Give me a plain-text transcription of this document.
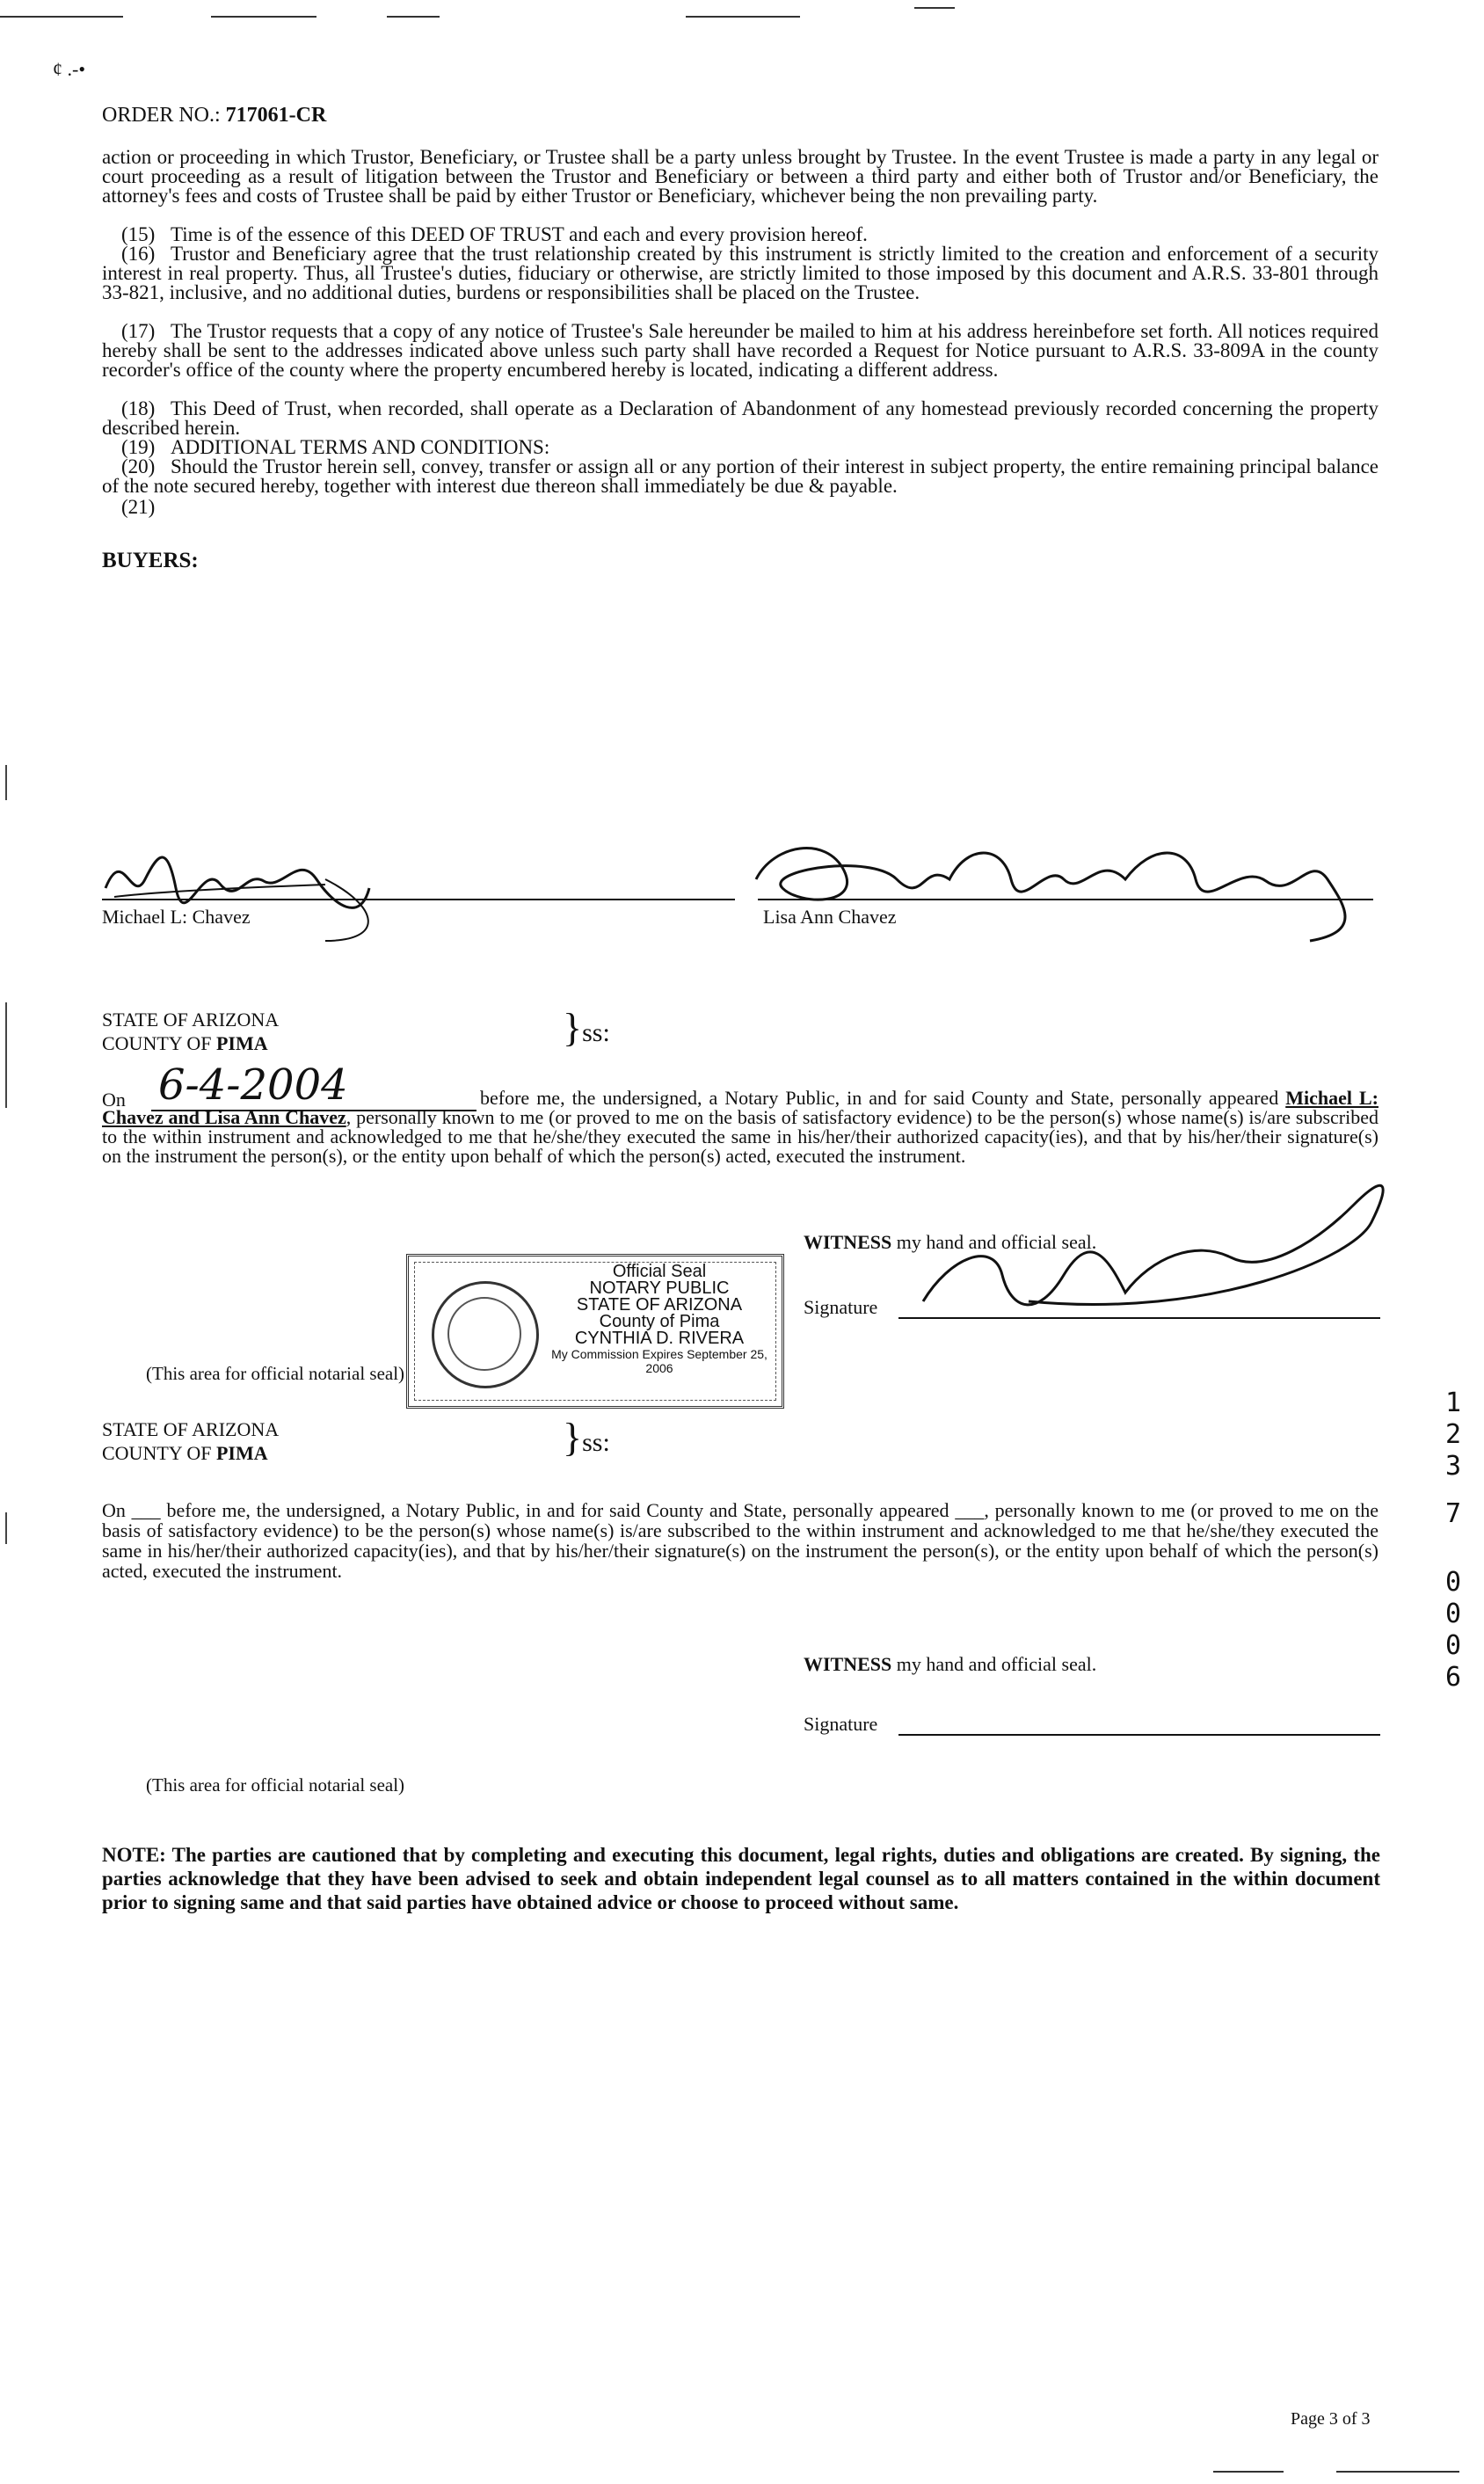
¢ .-•
ORDER NO.: 717061-CR
action or proceeding in which Trustor, Beneficiary, or Trustee shall be a party unless brought by Trustee. In the event Trustee is made a party in any legal or court proceeding as a result of litigation between the Trustor and Beneficiary or between a third party and either both of Trustor and/or Beneficiary, the attorney's fees and costs of Trustee shall be paid by either Trustor or Beneficiary, whichever being the non prevailing party.
(15) Time is of the essence of this DEED OF TRUST and each and every provision hereof.
(16) Trustor and Beneficiary agree that the trust relationship created by this instrument is strictly limited to the creation and enforcement of a security interest in real property. Thus, all Trustee's duties, fiduciary or otherwise, are strictly limited to those imposed by this document and A.R.S. 33-801 through 33-821, inclusive, and no additional duties, burdens or responsibilities shall be placed on the Trustee.
(17) The Trustor requests that a copy of any notice of Trustee's Sale hereunder be mailed to him at his address hereinbefore set forth. All notices required hereby shall be sent to the addresses indicated above unless such party shall have recorded a Request for Notice pursuant to A.R.S. 33-809A in the county recorder's office of the county where the property encumbered hereby is located, indicating a different address.
(18) This Deed of Trust, when recorded, shall operate as a Declaration of Abandonment of any homestead previously recorded concerning the property described herein.
(19) ADDITIONAL TERMS AND CONDITIONS:
(20) Should the Trustor herein sell, convey, transfer or assign all or any portion of their interest in subject property, the entire remaining principal balance of the note secured hereby, together with interest due thereon shall immediately be due & payable.
(21)
BUYERS:
Michael L: Chavez	Lisa Ann Chavez
STATE OF ARIZONA
COUNTY OF PIMA	}ss:
On 6-4-2004	before me, the undersigned, a Notary Public, in and for said County and State, personally appeared Michael L: Chavez and Lisa Ann Chavez, personally known to me (or proved to me on the basis of satisfactory evidence) to be the person(s) whose name(s) is/are subscribed to the within instrument and acknowledged to me that he/she/they executed the same in his/her/their authorized capacity(ies), and that by his/her/their signature(s) on the instrument the person(s), or the entity upon behalf of which the person(s) acted, executed the instrument.
Official Seal
NOTARY PUBLIC
STATE OF ARIZONA
County of Pima
CYNTHIA D. RIVERA
My Commission Expires September 25, 2006
WITNESS my hand and official seal.
Signature
(This area for official notarial seal)
STATE OF ARIZONA
COUNTY OF PIMA	}ss:
On ___ before me, the undersigned, a Notary Public, in and for said County and State, personally appeared ___, personally known to me (or proved to me on the basis of satisfactory evidence) to be the person(s) whose name(s) is/are subscribed to the within instrument and acknowledged to me that he/she/they executed the same in his/her/their authorized capacity(ies), and that by his/her/their signature(s) on the instrument the person(s), or the entity upon behalf of which the person(s) acted, executed the instrument.
WITNESS my hand and official seal.
Signature
(This area for official notarial seal)
NOTE: The parties are cautioned that by completing and executing this document, legal rights, duties and obligations are created. By signing, the parties acknowledge that they have been advised to seek and obtain independent legal counsel as to all matters contained in the within document prior to signing same and that said parties have obtained advice or choose to proceed without same.
1
2
3
7
0
0
0
6
Page 3 of 3
